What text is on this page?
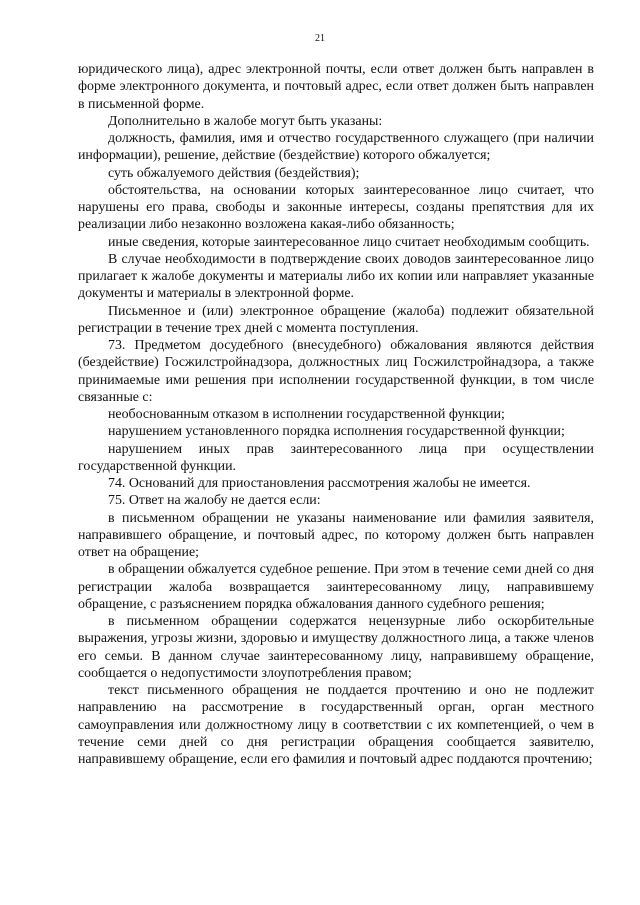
21

юридического лица), адрес электронной почты, если ответ должен быть направлен в форме электронного документа, и почтовый адрес, если ответ должен быть направлен в письменной форме.

Дополнительно в жалобе могут быть указаны:

должность, фамилия, имя и отчество государственного служащего (при наличии информации), решение, действие (бездействие) которого обжалуется;

суть обжалуемого действия (бездействия);

обстоятельства, на основании которых заинтересованное лицо считает, что нарушены его права, свободы и законные интересы, созданы препятствия для их реализации либо незаконно возложена какая-либо обязанность;

иные сведения, которые заинтересованное лицо считает необходимым сообщить.

В случае необходимости в подтверждение своих доводов заинтересованное лицо прилагает к жалобе документы и материалы либо их копии или направляет указанные документы и материалы в электронной форме.

Письменное и (или) электронное обращение (жалоба) подлежит обязательной регистрации в течение трех дней с момента поступления.

73. Предметом досудебного (внесудебного) обжалования являются действия (бездействие) Госжилстройнадзора, должностных лиц Госжилстройнадзора, а также принимаемые ими решения при исполнении государственной функции, в том числе связанные с:

необоснованным отказом в исполнении государственной функции;

нарушением установленного порядка исполнения государственной функции;

нарушением иных прав заинтересованного лица при осуществлении государственной функции.

74. Оснований для приостановления рассмотрения жалобы не имеется.

75. Ответ на жалобу не дается если:

в письменном обращении не указаны наименование или фамилия заявителя, направившего обращение, и почтовый адрес, по которому должен быть направлен ответ на обращение;

в обращении обжалуется судебное решение. При этом в течение семи дней со дня регистрации жалоба возвращается заинтересованному лицу, направившему обращение, с разъяснением порядка обжалования данного судебного решения;

в письменном обращении содержатся нецензурные либо оскорбительные выражения, угрозы жизни, здоровью и имуществу должностного лица, а также членов его семьи. В данном случае заинтересованному лицу, направившему обращение, сообщается о недопустимости злоупотребления правом;

текст письменного обращения не поддается прочтению и оно не подлежит направлению на рассмотрение в государственный орган, орган местного самоуправления или должностному лицу в соответствии с их компетенцией, о чем в течение семи дней со дня регистрации обращения сообщается заявителю, направившему обращение, если его фамилия и почтовый адрес поддаются прочтению;
